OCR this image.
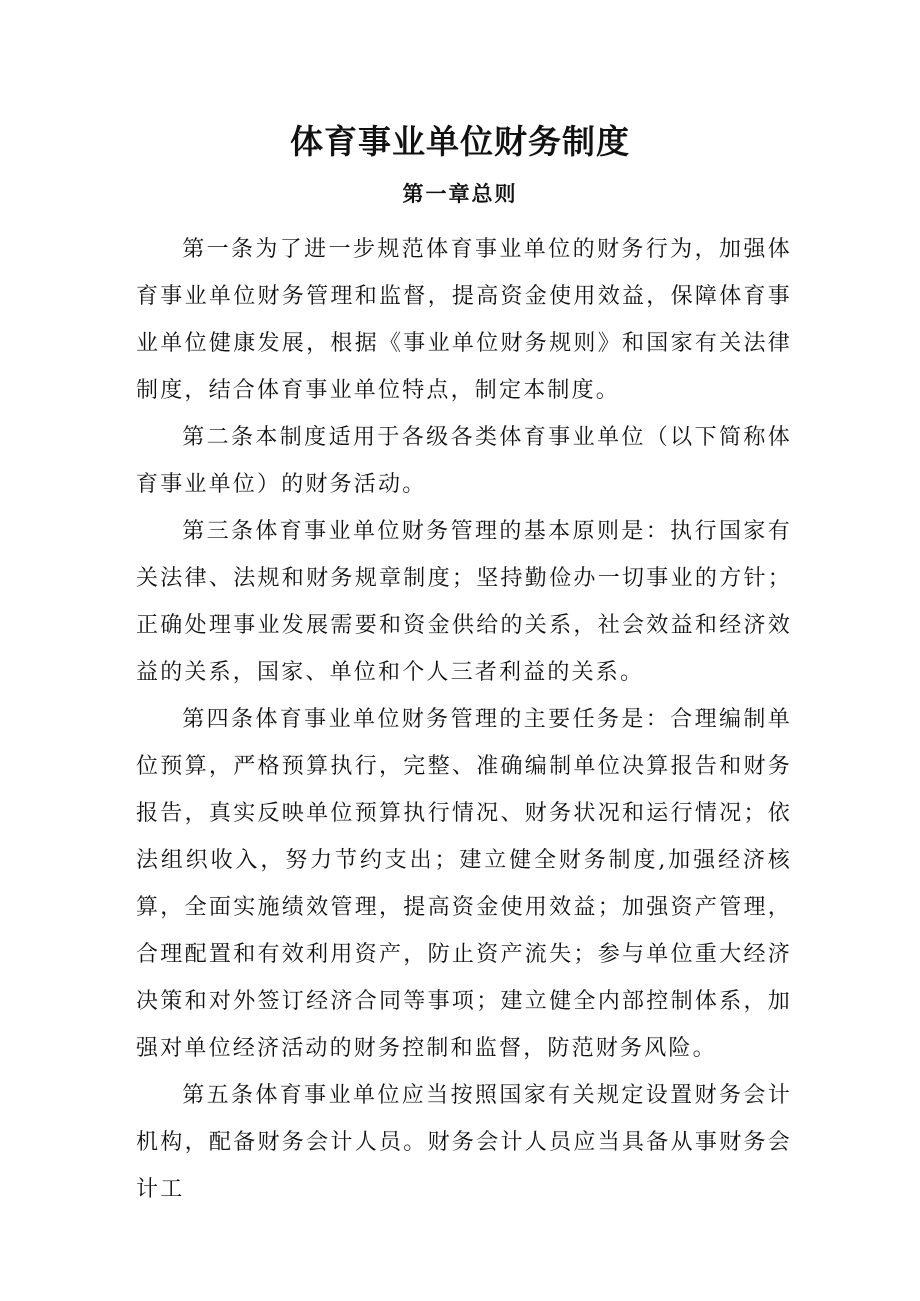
体育事业单位财务制度
第一章总则

第一条为了进一步规范体育事业单位的财务行为，加强体育事业单位财务管理和监督，提高资金使用效益，保障体育事业单位健康发展，根据《事业单位财务规则》和国家有关法律制度，结合体育事业单位特点，制定本制度。

第二条本制度适用于各级各类体育事业单位（以下简称体育事业单位）的财务活动。

第三条体育事业单位财务管理的基本原则是：执行国家有关法律、法规和财务规章制度；坚持勤俭办一切事业的方针；正确处理事业发展需要和资金供给的关系，社会效益和经济效益的关系，国家、单位和个人三者利益的关系。

第四条体育事业单位财务管理的主要任务是：合理编制单位预算，严格预算执行，完整、准确编制单位决算报告和财务报告，真实反映单位预算执行情况、财务状况和运行情况；依法组织收入，努力节约支出；建立健全财务制度,加强经济核算，全面实施绩效管理，提高资金使用效益；加强资产管理，合理配置和有效利用资产，防止资产流失；参与单位重大经济决策和对外签订经济合同等事项；建立健全内部控制体系，加强对单位经济活动的财务控制和监督，防范财务风险。

第五条体育事业单位应当按照国家有关规定设置财务会计机构，配备财务会计人员。财务会计人员应当具备从事财务会计工
